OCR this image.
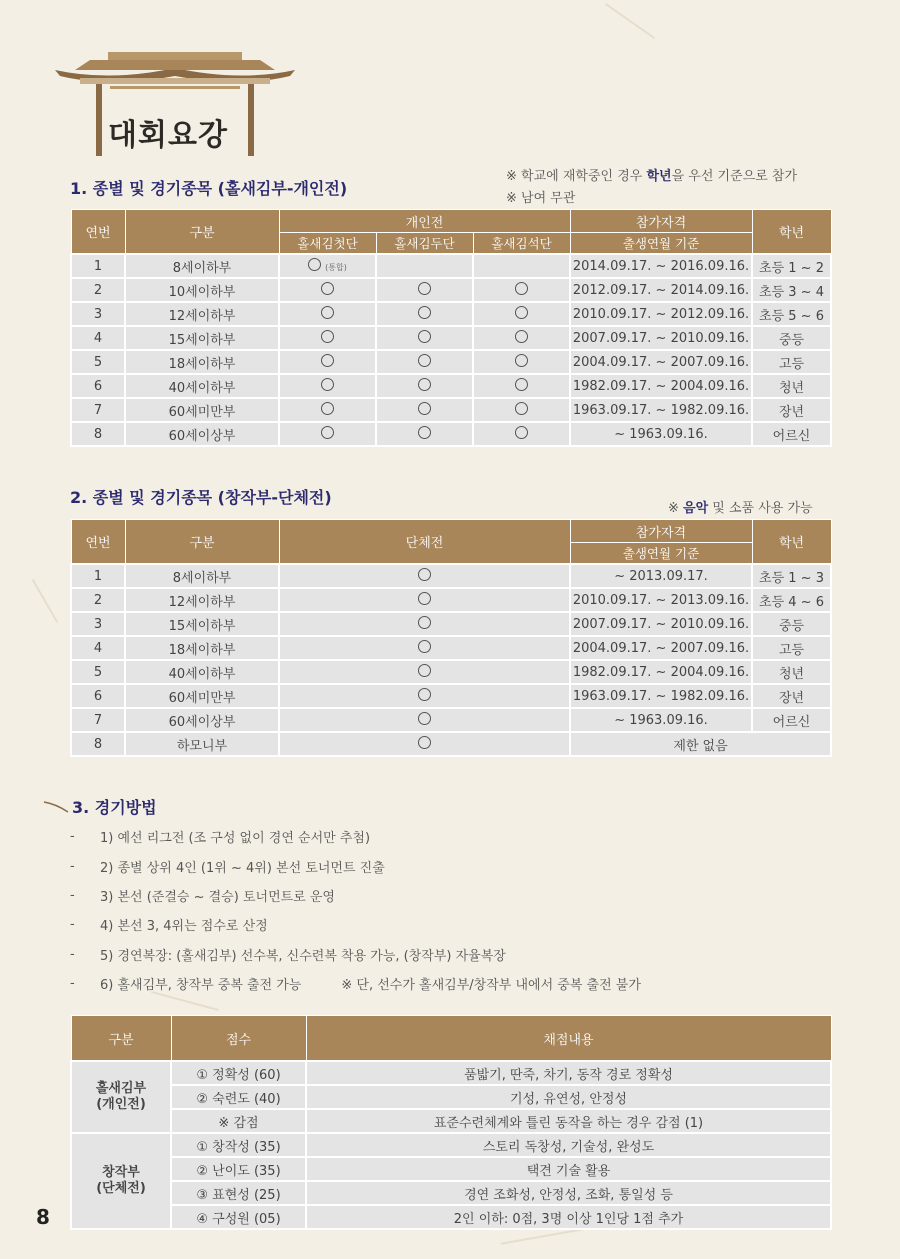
대회요강
1. 종별 및 경기종목 (홀새김부-개인전)
※ 학교에 재학중인 경우 학년을 우선 기준으로 참가
※ 남여 무관
연번	구분	개인전			참가자격	학년
		홀새김첫단	홀새김두단	홀새김석단	출생연월 기준	
1	8세이하부	(통합)			2014.09.17. ~ 2016.09.16.	초등 1 ~ 2
2	10세이하부				2012.09.17. ~ 2014.09.16.	초등 3 ~ 4
3	12세이하부				2010.09.17. ~ 2012.09.16.	초등 5 ~ 6
4	15세이하부				2007.09.17. ~ 2010.09.16.	중등
5	18세이하부				2004.09.17. ~ 2007.09.16.	고등
6	40세이하부				1982.09.17. ~ 2004.09.16.	청년
7	60세미만부				1963.09.17. ~ 1982.09.16.	장년
8	60세이상부				~ 1963.09.16.	어르신
2. 종별 및 경기종목 (창작부-단체전)
※ 음악 및 소품 사용 가능
연번	구분	단체전	참가자격	학년
			출생연월 기준	
1	8세이하부		~ 2013.09.17.	초등 1 ~ 3
2	12세이하부		2010.09.17. ~ 2013.09.16.	초등 4 ~ 6
3	15세이하부		2007.09.17. ~ 2010.09.16.	중등
4	18세이하부		2004.09.17. ~ 2007.09.16.	고등
5	40세이하부		1982.09.17. ~ 2004.09.16.	청년
6	60세미만부		1963.09.17. ~ 1982.09.16.	장년
7	60세이상부		~ 1963.09.16.	어르신
8	하모니부		제한 없음	
3. 경기방법
-	1) 예선 리그전 (조 구성 없이 경연 순서만 추첨)
-	2) 종별 상위 4인 (1위 ~ 4위) 본선 토너먼트 진출
-	3) 본선 (준결승 ~ 결승) 토너먼트로 운영
-	4) 본선 3, 4위는 점수로 산정
-	5) 경연복장: (홀새김부) 선수복, 신수련복 착용 가능, (창작부) 자율복장
-	6) 홀새김부, 창작부 중복 출전 가능	※ 단, 선수가 홀새김부/창작부 내에서 중복 출전 불가
구분	점수	채점내용

홀새김부
(개인전)	① 정확성 (60)	품밟기, 딴죽, 차기, 동작 경로 정확성
	② 숙련도 (40)	기성, 유연성, 안정성
	※ 감점	표준수련체계와 틀린 동작을 하는 경우 감점 (1)

창작부
(단체전)	① 창작성 (35)	스토리 독창성, 기술성, 완성도
	② 난이도 (35)	택견 기술 활용
	③ 표현성 (25)	경연 조화성, 안정성, 조화, 통일성 등
	④ 구성원 (05)	2인 이하: 0점, 3명 이상 1인당 1점 추가
8
